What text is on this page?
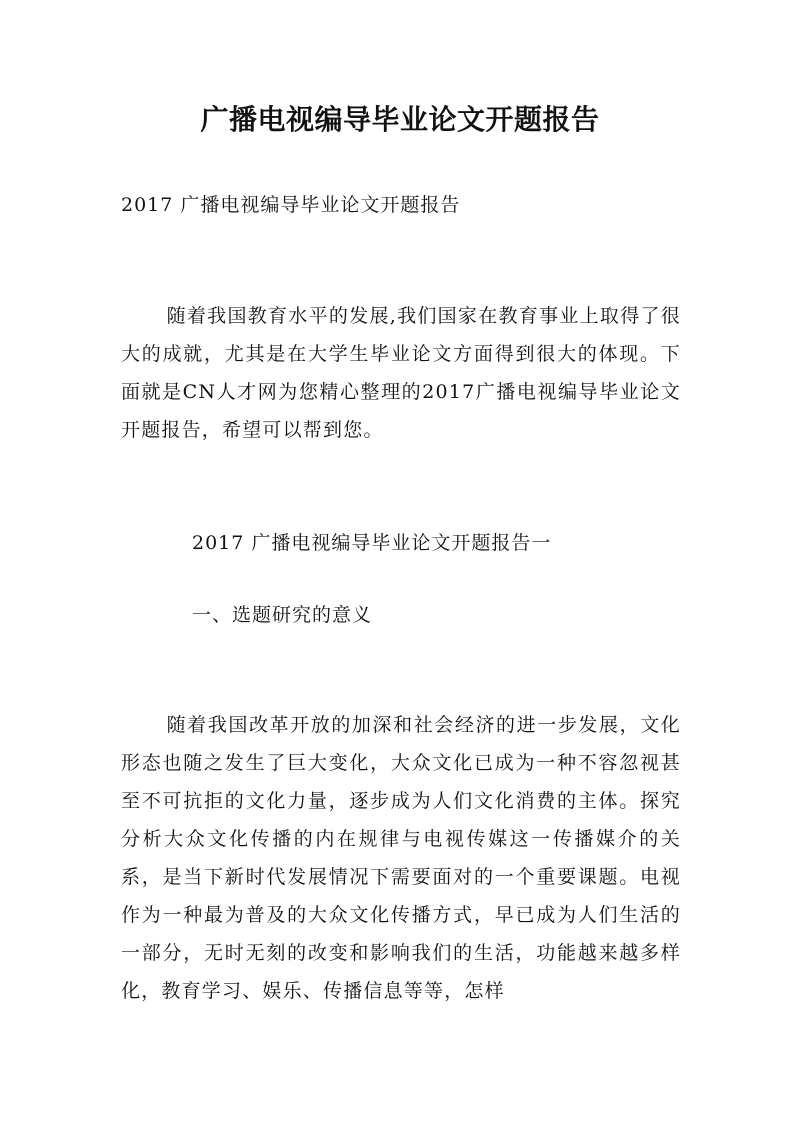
广播电视编导毕业论文开题报告
2017 广播电视编导毕业论文开题报告
随着我国教育水平的发展,我们国家在教育事业上取得了很大的成就，尤其是在大学生毕业论文方面得到很大的体现。下面就是CN人才网为您精心整理的2017广播电视编导毕业论文开题报告，希望可以帮到您。
2017 广播电视编导毕业论文开题报告一
一、选题研究的意义
随着我国改革开放的加深和社会经济的进一步发展，文化形态也随之发生了巨大变化，大众文化已成为一种不容忽视甚至不可抗拒的文化力量，逐步成为人们文化消费的主体。探究分析大众文化传播的内在规律与电视传媒这一传播媒介的关系，是当下新时代发展情况下需要面对的一个重要课题。电视作为一种最为普及的大众文化传播方式，早已成为人们生活的一部分，无时无刻的改变和影响我们的生活，功能越来越多样化，教育学习、娱乐、传播信息等等，怎样
